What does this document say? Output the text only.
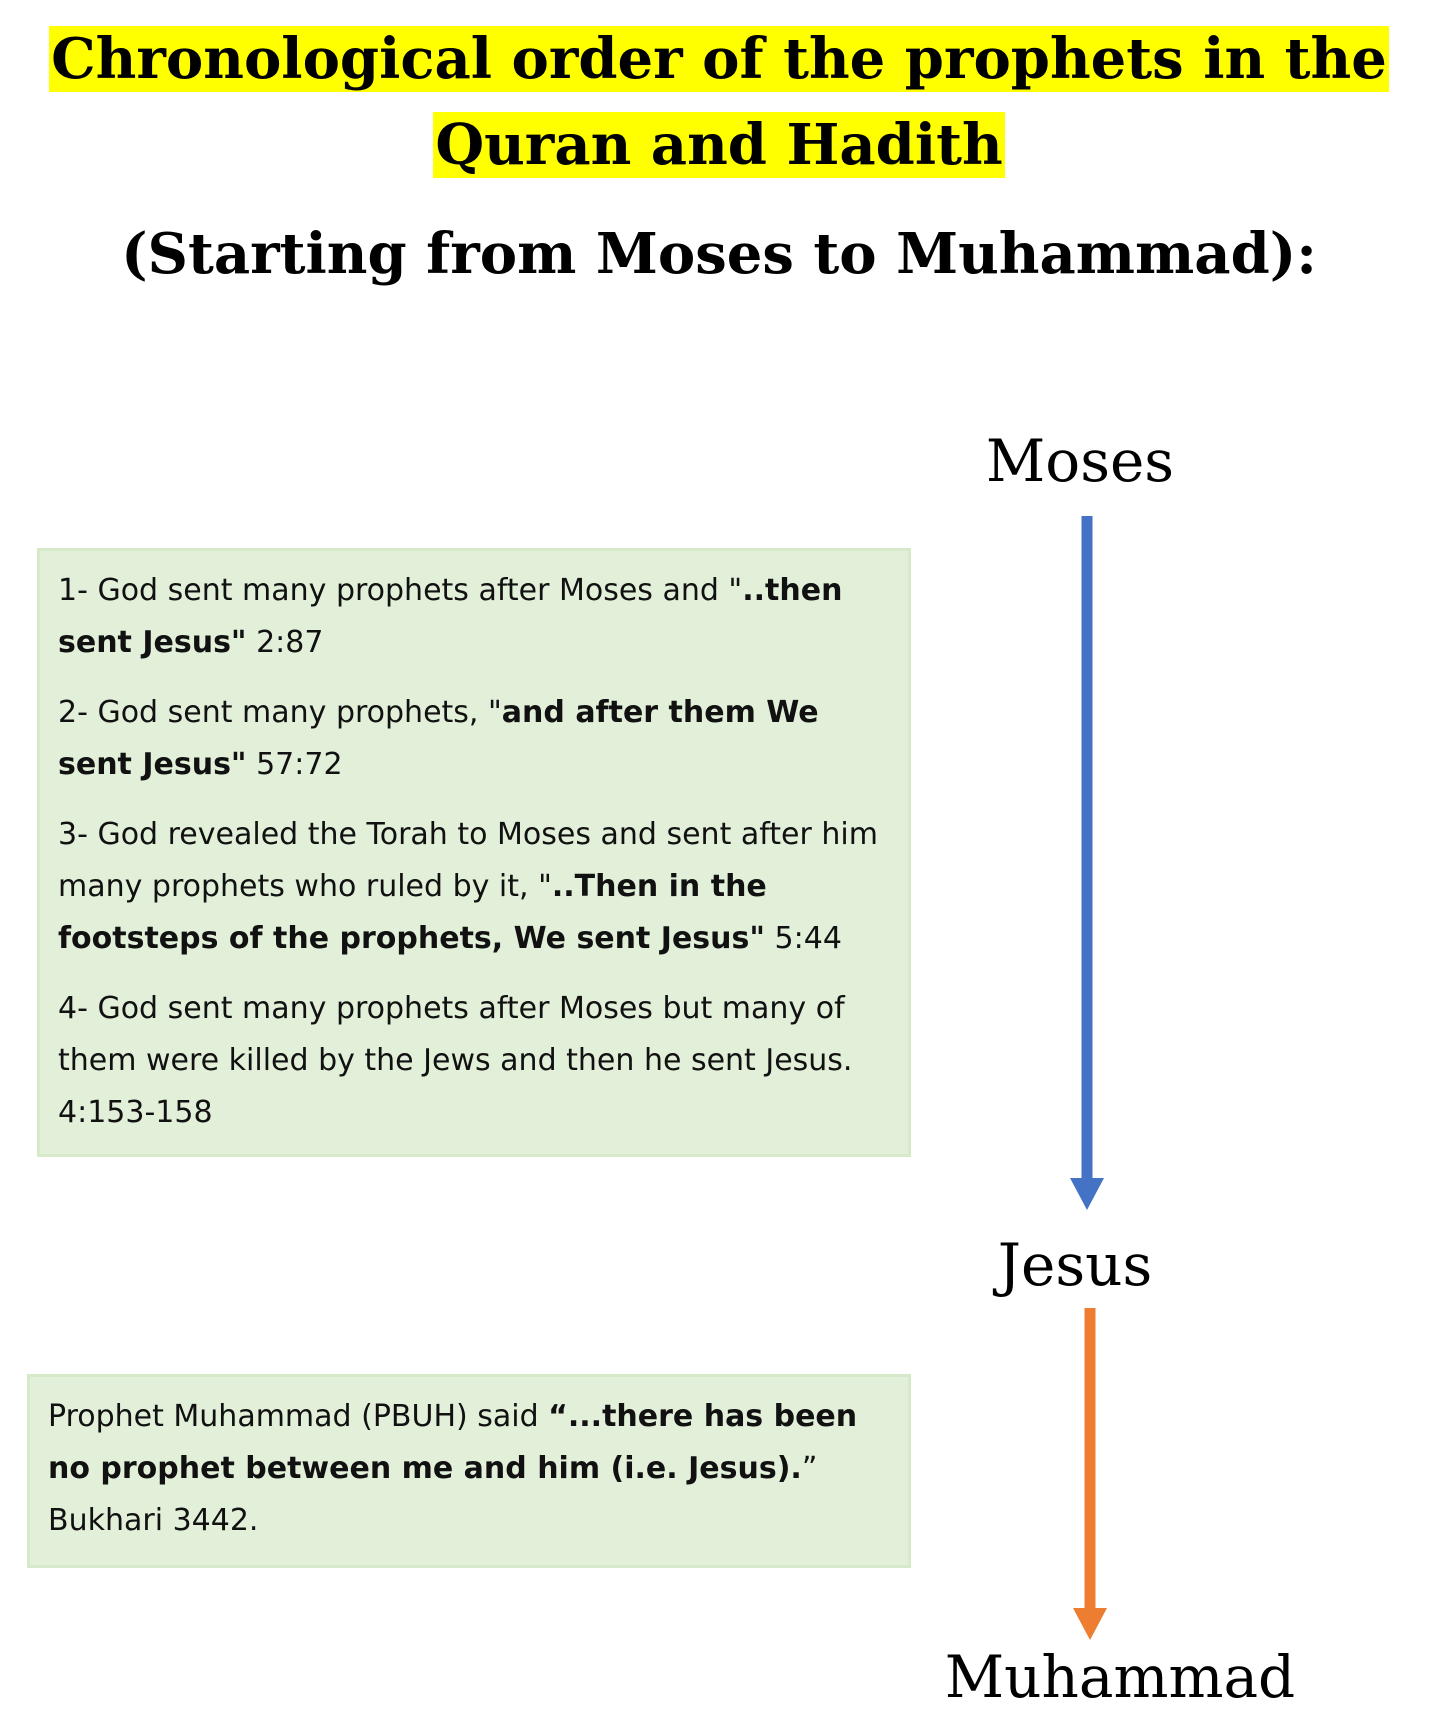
Chronological order of the prophets in the
Quran and Hadith
(Starting from Moses to Muhammad):
Moses
Jesus
Muhammad

1- God sent many prophets after Moses and "..then sent Jesus" 2:87

2- God sent many prophets, "and after them We sent Jesus" 57:72

3- God revealed the Torah to Moses and sent after him many prophets who ruled by it, "..Then in the footsteps of the prophets, We sent Jesus" 5:44

4- God sent many prophets after Moses but many of them were killed by the Jews and then he sent Jesus. 4:153-158

Prophet Muhammad (PBUH) said “...there has been no prophet between me and him (i.e. Jesus).”
Bukhari 3442.
